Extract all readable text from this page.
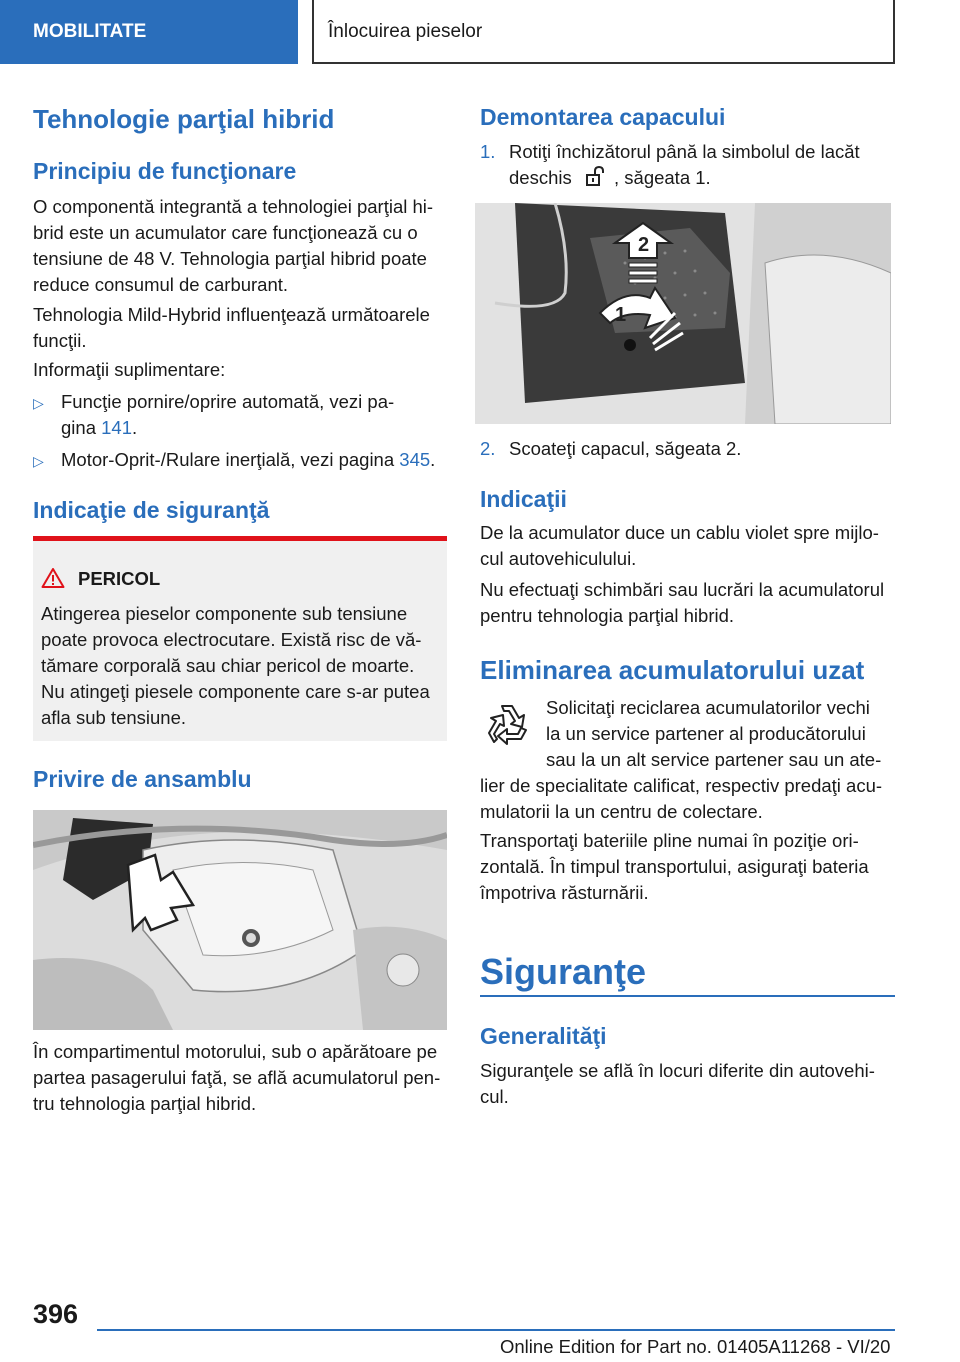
MOBILITATE	Înlocuirea pieselor
Tehnologie parţial hibrid
Principiu de funcţionare
O componentă integrantă a tehnologiei parţial hi-
brid este un acumulator care funcţionează cu o
tensiune de 48 V. Tehnologia parţial hibrid poate
reduce consumul de carburant.
Tehnologia Mild-Hybrid influenţează următoarele
funcţii.
Informaţii suplimentare:
▷ Funcţie pornire/oprire automată, vezi pa-
gina 141.
▷ Motor-Oprit-/Rulare inerţială, vezi pagina 345.
Indicaţie de siguranţă
PERICOL
Atingerea pieselor componente sub tensiune
poate provoca electrocutare. Există risc de vă-
tămare corporală sau chiar pericol de moarte.
Nu atingeţi piesele componente care s-ar putea
afla sub tensiune.
Privire de ansamblu
În compartimentul motorului, sub o apărătoare pe
partea pasagerului faţă, se află acumulatorul pen-
tru tehnologia parţial hibrid.
Demontarea capacului
1. Rotiţi închizătorul până la simbolul de lacăt
deschis , săgeata 1.
2
1
2. Scoateţi capacul, săgeata 2.
Indicaţii
De la acumulator duce un cablu violet spre mijlo-
cul autovehiculului.
Nu efectuaţi schimbări sau lucrări la acumulatorul
pentru tehnologia parţial hibrid.
Eliminarea acumulatorului uzat
Solicitaţi reciclarea acumulatorilor vechi
la un service partener al producătorului
sau la un alt service partener sau un ate-
lier de specialitate calificat, respectiv predaţi acu-
mulatorii la un centru de colectare.
Transportaţi bateriile pline numai în poziţie ori-
zontală. În timpul transportului, asiguraţi bateria
împotriva răsturnării.
Siguranţe
Generalităţi
Siguranţele se află în locuri diferite din autovehi-
cul.
396
Online Edition for Part no. 01405A11268 - VI/20
